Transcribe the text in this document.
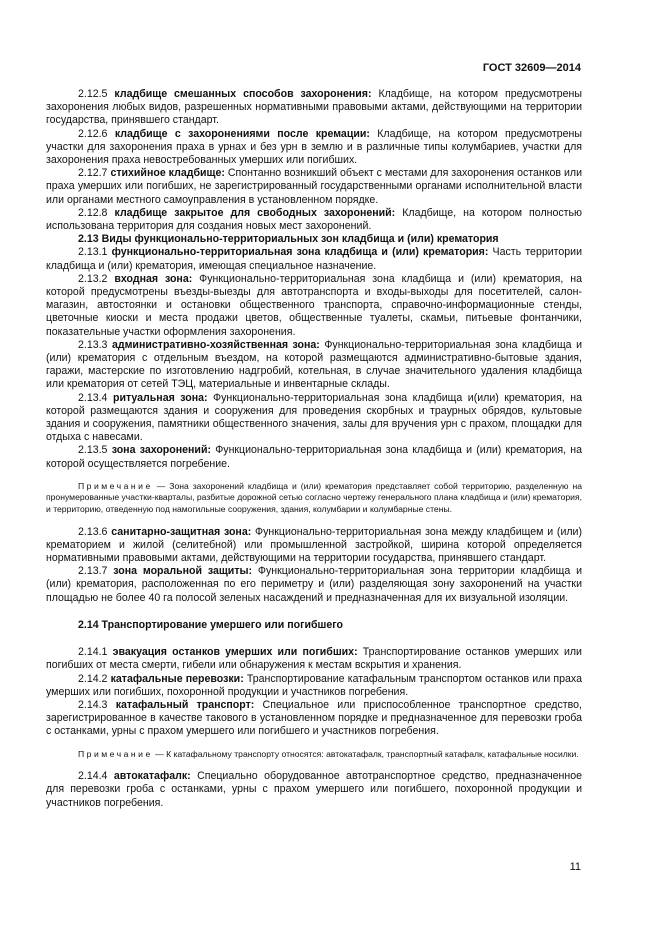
ГОСТ 32609—2014

2.12.5 кладбище смешанных способов захоронения: Кладбище, на котором предусмотрены захоронения любых видов, разрешенных нормативными правовыми актами, действующими на территории государства, принявшего стандарт.

2.12.6 кладбище с захоронениями после кремации: Кладбище, на котором предусмотрены участки для захоронения праха в урнах и без урн в землю и в различные типы колумбариев, участки для захоронения праха невостребованных умерших или погибших.

2.12.7 стихийное кладбище: Спонтанно возникший объект с местами для захоронения останков или праха умерших или погибших, не зарегистрированный государственными органами исполнительной власти или органами местного самоуправления в установленном порядке.

2.12.8 кладбище закрытое для свободных захоронений: Кладбище, на котором полностью использована территория для создания новых мест захоронений.

2.13 Виды функционально-территориальных зон кладбища и (или) крематория

2.13.1 функционально-территориальная зона кладбища и (или) крематория: Часть территории кладбища и (или) крематория, имеющая специальное назначение.

2.13.2 входная зона: Функционально-территориальная зона кладбища и (или) крематория, на которой предусмотрены въезды-выезды для автотранспорта и входы-выходы для посетителей, салон-магазин, автостоянки и остановки общественного транспорта, справочно-информационные стенды, цветочные киоски и места продажи цветов, общественные туалеты, скамьи, питьевые фонтанчики, показательные участки оформления захоронения.

2.13.3 административно-хозяйственная зона: Функционально-территориальная зона кладбища и (или) крематория с отдельным въездом, на которой размещаются административно-бытовые здания, гаражи, мастерские по изготовлению надгробий, котельная, в случае значительного удаления кладбища или крематория от сетей ТЭЦ, материальные и инвентарные склады.

2.13.4 ритуальная зона: Функционально-территориальная зона кладбища и(или) крематория, на которой размещаются здания и сооружения для проведения скорбных и траурных обрядов, культовые здания и сооружения, памятники общественного значения, залы для вручения урн с прахом, площадки для отдыха с навесами.

2.13.5 зона захоронений: Функционально-территориальная зона кладбища и (или) крематория, на которой осуществляется погребение.

Примечание — Зона захоронений кладбища и (или) крематория представляет собой территорию, разделенную на пронумерованные участки-кварталы, разбитые дорожной сетью согласно чертежу генерального плана кладбища и (или) крематория, и территорию, отведенную под намогильные сооружения, здания, колумбарии и колумбарные стены.

2.13.6 санитарно-защитная зона: Функционально-территориальная зона между кладбищем и (или) крематорием и жилой (селитебной) или промышленной застройкой, ширина которой определяется нормативными правовыми актами, действующими на территории государства, принявшего стандарт.

2.13.7 зона моральной защиты: Функционально-территориальная зона территории кладбища и (или) крематория, расположенная по его периметру и (или) разделяющая зону захоронений на участки площадью не более 40 га полосой зеленых насаждений и предназначенная для их визуальной изоляции.

2.14 Транспортирование умершего или погибшего

2.14.1 эвакуация останков умерших или погибших: Транспортирование останков умерших или погибших от места смерти, гибели или обнаружения к местам вскрытия и хранения.

2.14.2 катафальные перевозки: Транспортирование катафальным транспортом останков или праха умерших или погибших, похоронной продукции и участников погребения.

2.14.3 катафальный транспорт: Специальное или приспособленное транспортное средство, зарегистрированное в качестве такового в установленном порядке и предназначенное для перевозки гроба с останками, урны с прахом умершего или погибшего и участников погребения.

Примечание — К катафальному транспорту относятся: автокатафалк, транспортный катафалк, катафальные носилки.

2.14.4 автокатафалк: Специально оборудованное автотранспортное средство, предназначенное для перевозки гроба с останками, урны с прахом умершего или погибшего, похоронной продукции и участников погребения.

11
